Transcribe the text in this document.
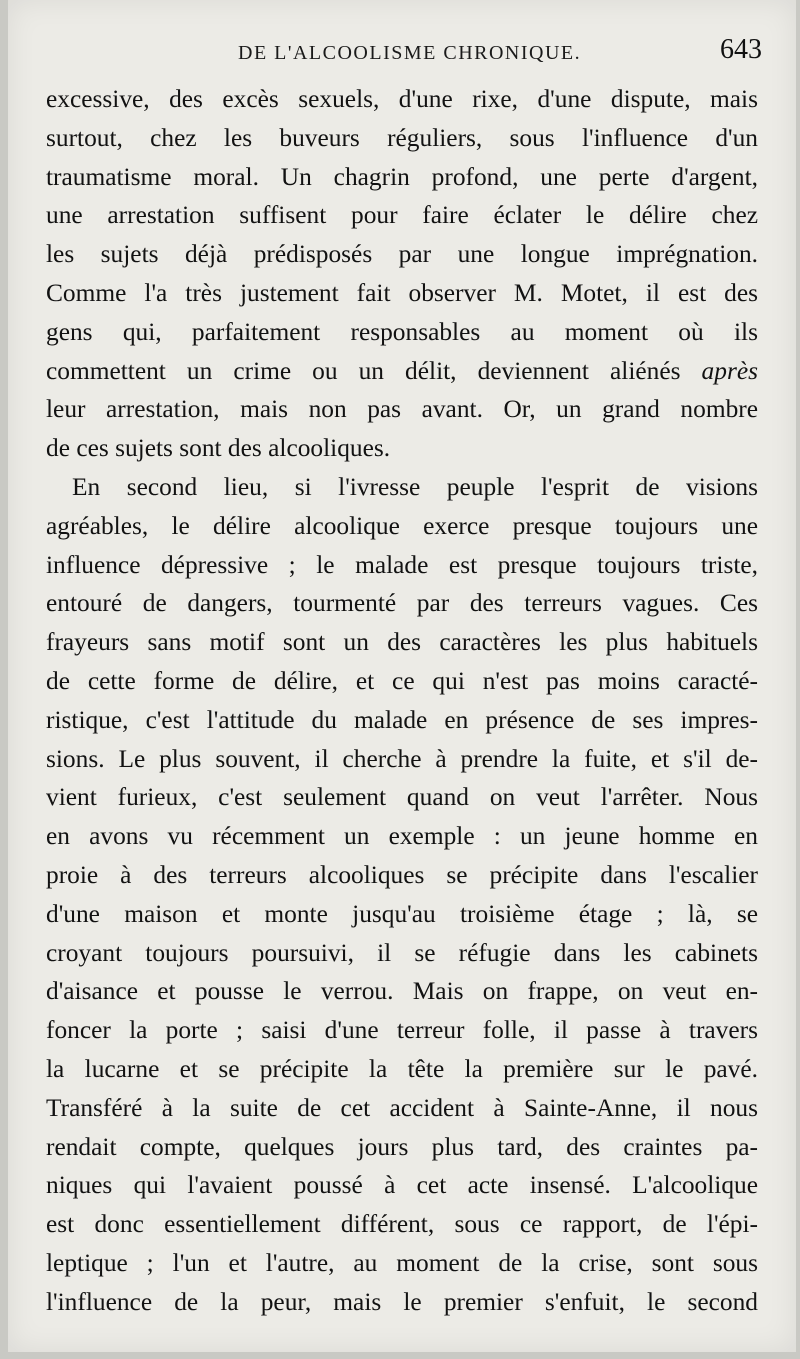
DE L'ALCOOLISME CHRONIQUE.	643
excessive, des excès sexuels, d'une rixe, d'une dispute, mais
surtout, chez les buveurs réguliers, sous l'influence d'un
traumatisme moral. Un chagrin profond, une perte d'argent,
une arrestation suffisent pour faire éclater le délire chez
les sujets déjà prédisposés par une longue imprégnation.
Comme l'a très justement fait observer M. Motet, il est des
gens qui, parfaitement responsables au moment où ils
commettent un crime ou un délit, deviennent aliénés après
leur arrestation, mais non pas avant. Or, un grand nombre
de ces sujets sont des alcooliques.
En second lieu, si l'ivresse peuple l'esprit de visions
agréables, le délire alcoolique exerce presque toujours une
influence dépressive ; le malade est presque toujours triste,
entouré de dangers, tourmenté par des terreurs vagues. Ces
frayeurs sans motif sont un des caractères les plus habituels
de cette forme de délire, et ce qui n'est pas moins caracté-
ristique, c'est l'attitude du malade en présence de ses impres-
sions. Le plus souvent, il cherche à prendre la fuite, et s'il de-
vient furieux, c'est seulement quand on veut l'arrêter. Nous
en avons vu récemment un exemple : un jeune homme en
proie à des terreurs alcooliques se précipite dans l'escalier
d'une maison et monte jusqu'au troisième étage ; là, se
croyant toujours poursuivi, il se réfugie dans les cabinets
d'aisance et pousse le verrou. Mais on frappe, on veut en-
foncer la porte ; saisi d'une terreur folle, il passe à travers
la lucarne et se précipite la tête la première sur le pavé.
Transféré à la suite de cet accident à Sainte-Anne, il nous
rendait compte, quelques jours plus tard, des craintes pa-
niques qui l'avaient poussé à cet acte insensé. L'alcoolique
est donc essentiellement différent, sous ce rapport, de l'épi-
leptique ; l'un et l'autre, au moment de la crise, sont sous
l'influence de la peur, mais le premier s'enfuit, le second
